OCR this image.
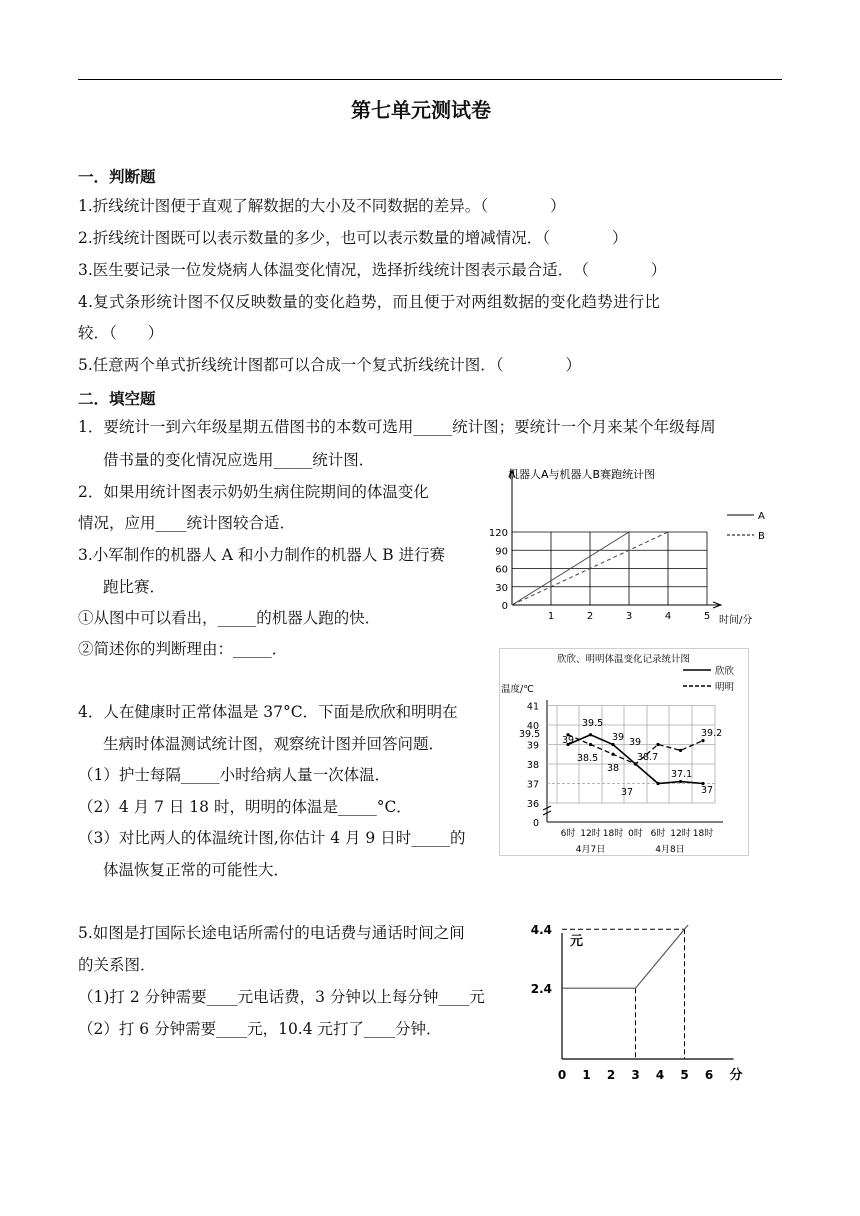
第七单元测试卷
一．判断题
1.折线统计图便于直观了解数据的大小及不同数据的差异。（　　　　）
2.折线统计图既可以表示数量的多少，也可以表示数量的增减情况．（　　　　）
3.医生要记录一位发烧病人体温变化情况，选择折线统计图表示最合适．　（　　　　）
4.复式条形统计图不仅反映数量的变化趋势，而且便于对两组数据的变化趋势进行比
较．（　　）
5.任意两个单式折线统计图都可以合成一个复式折线统计图．（　　　　）
二．填空题
1．要统计一到六年级星期五借图书的本数可选用_____统计图；要统计一个月来某个年级每周
借书量的变化情况应选用_____统计图．
2．如果用统计图表示奶奶生病住院期间的体温变化
情况，应用____统计图较合适．
3.小军制作的机器人 A 和小力制作的机器人 B 进行赛
跑比赛．
①从图中可以看出，_____的机器人跑的快．
②简述你的判断理由：_____．
4．人在健康时正常体温是 37°C．下面是欣欣和明明在
生病时体温测试统计图，观察统计图并回答问题．
（1）护士每隔_____小时给病人量一次体温．
（2）4 月 7 日 18 时，明明的体温是_____°C．
（3）对比两人的体温统计图,你估计 4 月 9 日时_____的
体温恢复正常的可能性大．
5.如图是打国际长途电话所需付的电话费与通话时间之间
的关系图．
（1)打 2 分钟需要____元电话费，3 分钟以上每分钟____元
（2）打 6 分钟需要____元，10.4 元打了____分钟．
机器人A与机器人B赛跑统计图
0
30
60
90
120
1	2	3	4	5 时间/分
A
B
欣欣、明明体温变化记录统计图
欣欣
明明
温度/℃
0
36
37
38
39
40
41
6时 12时 18时 0时 6时 12时 18时
4月7日	4月8日
39.5
39.5
39	39
38.5
38
37
39
38.7
37.1
39.2
37
元
分
2.4
4.4
0 1 2 3 4 5 6
